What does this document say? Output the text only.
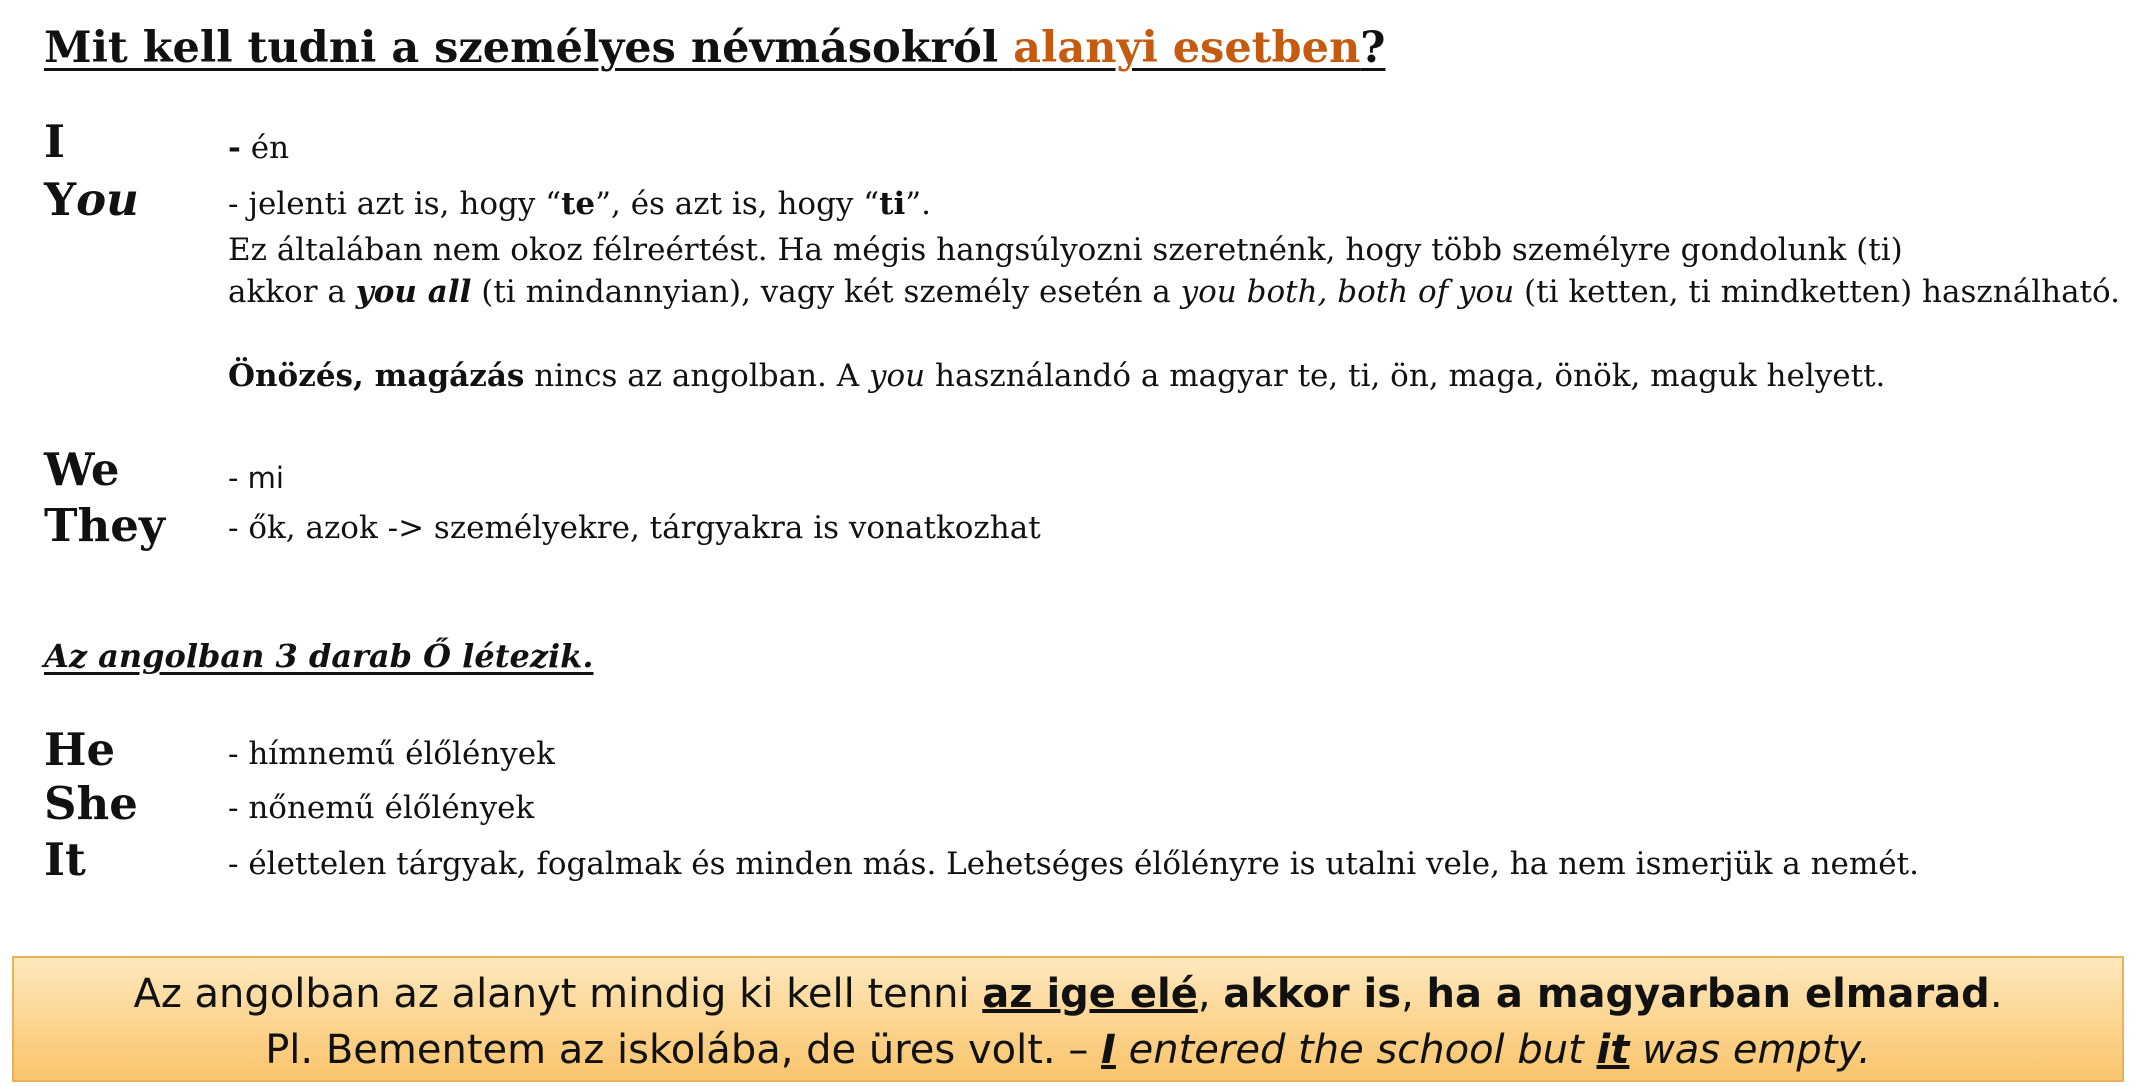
Mit kell tudni a személyes névmásokról alanyi esetben?
I	- én
You	- jelenti azt is, hogy “te”, és azt is, hogy “ti”.
Ez általában nem okoz félreértést. Ha mégis hangsúlyozni szeretnénk, hogy több személyre gondolunk (ti)
akkor a you all (ti mindannyian), vagy két személy esetén a you both, both of you (ti ketten, ti mindketten) használható.
Önözés, magázás nincs az angolban. A you használandó a magyar te, ti, ön, maga, önök, maguk helyett.
We	- mi
They - ők, azok -> személyekre, tárgyakra is vonatkozhat
Az angolban 3 darab Ő létezik.
He	- hímnemű élőlények
She	- nőnemű élőlények
It	- élettelen tárgyak, fogalmak és minden más. Lehetséges élőlényre is utalni vele, ha nem ismerjük a nemét.
Az angolban az alanyt mindig ki kell tenni az ige elé, akkor is, ha a magyarban elmarad.
Pl. Bementem az iskolába, de üres volt. – I entered the school but it was empty.
